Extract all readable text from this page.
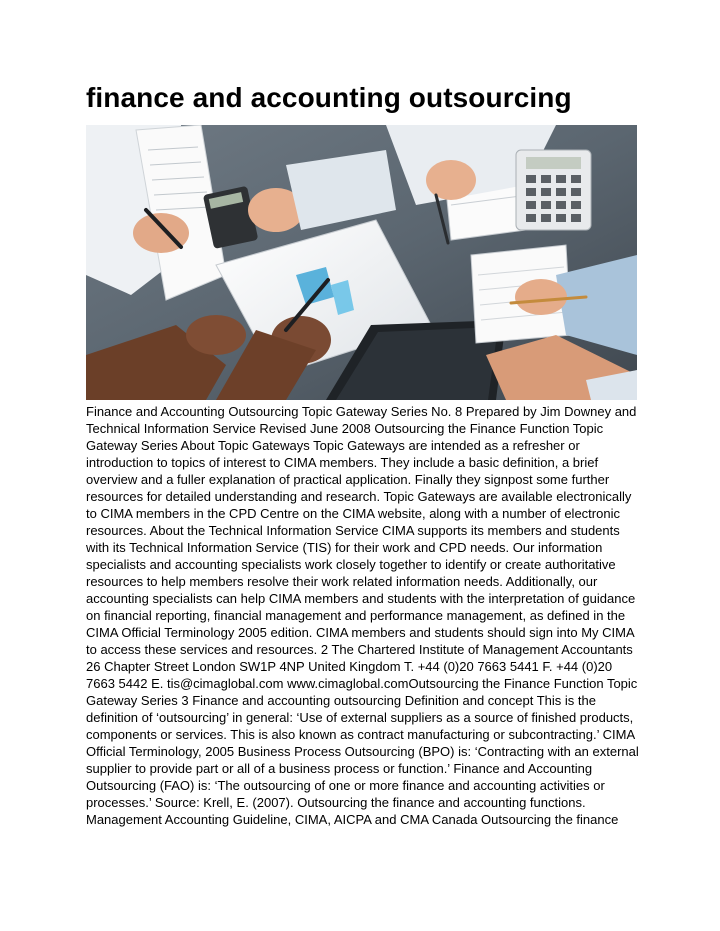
finance and accounting outsourcing

Finance and Accounting Outsourcing Topic Gateway Series No. 8 Prepared by Jim Downey and
Technical Information Service Revised June 2008 Outsourcing the Finance Function Topic
Gateway Series About Topic Gateways Topic Gateways are intended as a refresher or
introduction to topics of interest to CIMA members. They include a basic definition, a brief
overview and a fuller explanation of practical application. Finally they signpost some further
resources for detailed understanding and research. Topic Gateways are available electronically
to CIMA members in the CPD Centre on the CIMA website, along with a number of electronic
resources. About the Technical Information Service CIMA supports its members and students
with its Technical Information Service (TIS) for their work and CPD needs. Our information
specialists and accounting specialists work closely together to identify or create authoritative
resources to help members resolve their work related information needs. Additionally, our
accounting specialists can help CIMA members and students with the interpretation of guidance
on financial reporting, financial management and performance management, as defined in the
CIMA Official Terminology 2005 edition. CIMA members and students should sign into My CIMA
to access these services and resources. 2 The Chartered Institute of Management Accountants
26 Chapter Street London SW1P 4NP United Kingdom T. +44 (0)20 7663 5441 F. +44 (0)20
7663 5442 E. tis@cimaglobal.com www.cimaglobal.comOutsourcing the Finance Function Topic
Gateway Series 3 Finance and accounting outsourcing Definition and concept This is the
definition of ‘outsourcing’ in general: ‘Use of external suppliers as a source of finished products,
components or services. This is also known as contract manufacturing or subcontracting.’ CIMA
Official Terminology, 2005 Business Process Outsourcing (BPO) is: ‘Contracting with an external
supplier to provide part or all of a business process or function.’ Finance and Accounting
Outsourcing (FAO) is: ‘The outsourcing of one or more finance and accounting activities or
processes.’ Source: Krell, E. (2007). Outsourcing the finance and accounting functions.
Management Accounting Guideline, CIMA, AICPA and CMA Canada Outsourcing the finance
